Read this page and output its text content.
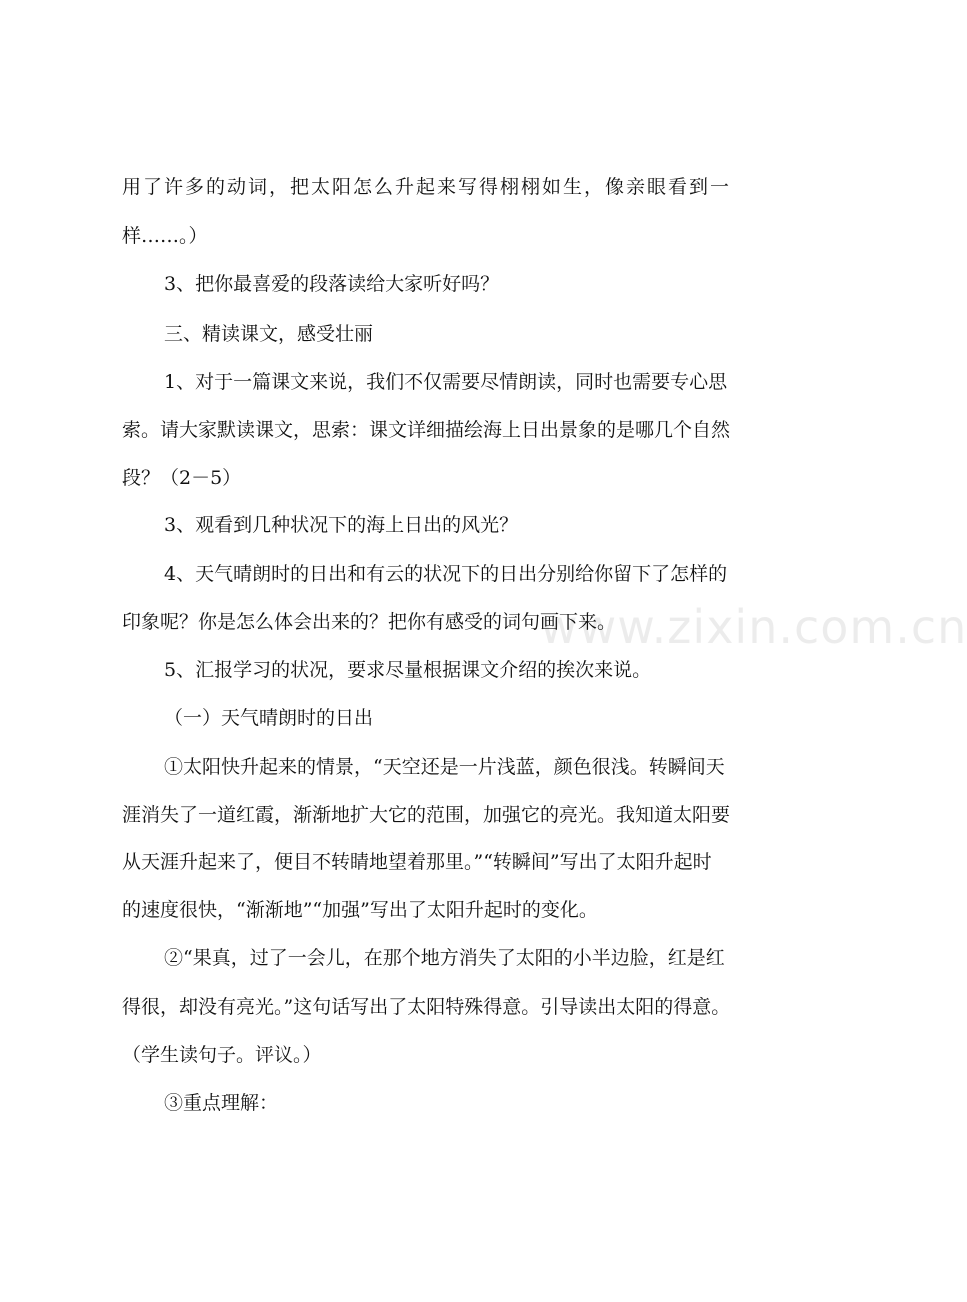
用了许多的动词，把太阳怎么升起来写得栩栩如生，像亲眼看到一
样……。）
3、把你最喜爱的段落读给大家听好吗？
三、精读课文，感受壮丽
1、对于一篇课文来说，我们不仅需要尽情朗读，同时也需要专心思
索。请大家默读课文，思索：课文详细描绘海上日出景象的是哪几个自然
段？（2－5）
3、观看到几种状况下的海上日出的风光？
4、天气晴朗时的日出和有云的状况下的日出分别给你留下了怎样的
印象呢？你是怎么体会出来的？把你有感受的词句画下来。
5、汇报学习的状况，要求尽量根据课文介绍的挨次来说。
（一）天气晴朗时的日出
①太阳快升起来的情景，“天空还是一片浅蓝，颜色很浅。转瞬间天
涯消失了一道红霞，渐渐地扩大它的范围，加强它的亮光。我知道太阳要
从天涯升起来了，便目不转睛地望着那里。”“转瞬间”写出了太阳升起时
的速度很快，“渐渐地”“加强”写出了太阳升起时的变化。
②“果真，过了一会儿，在那个地方消失了太阳的小半边脸，红是红
得很，却没有亮光。”这句话写出了太阳特殊得意。引导读出太阳的得意。
（学生读句子。评议。）
③重点理解：
www.zixin.com.cn
